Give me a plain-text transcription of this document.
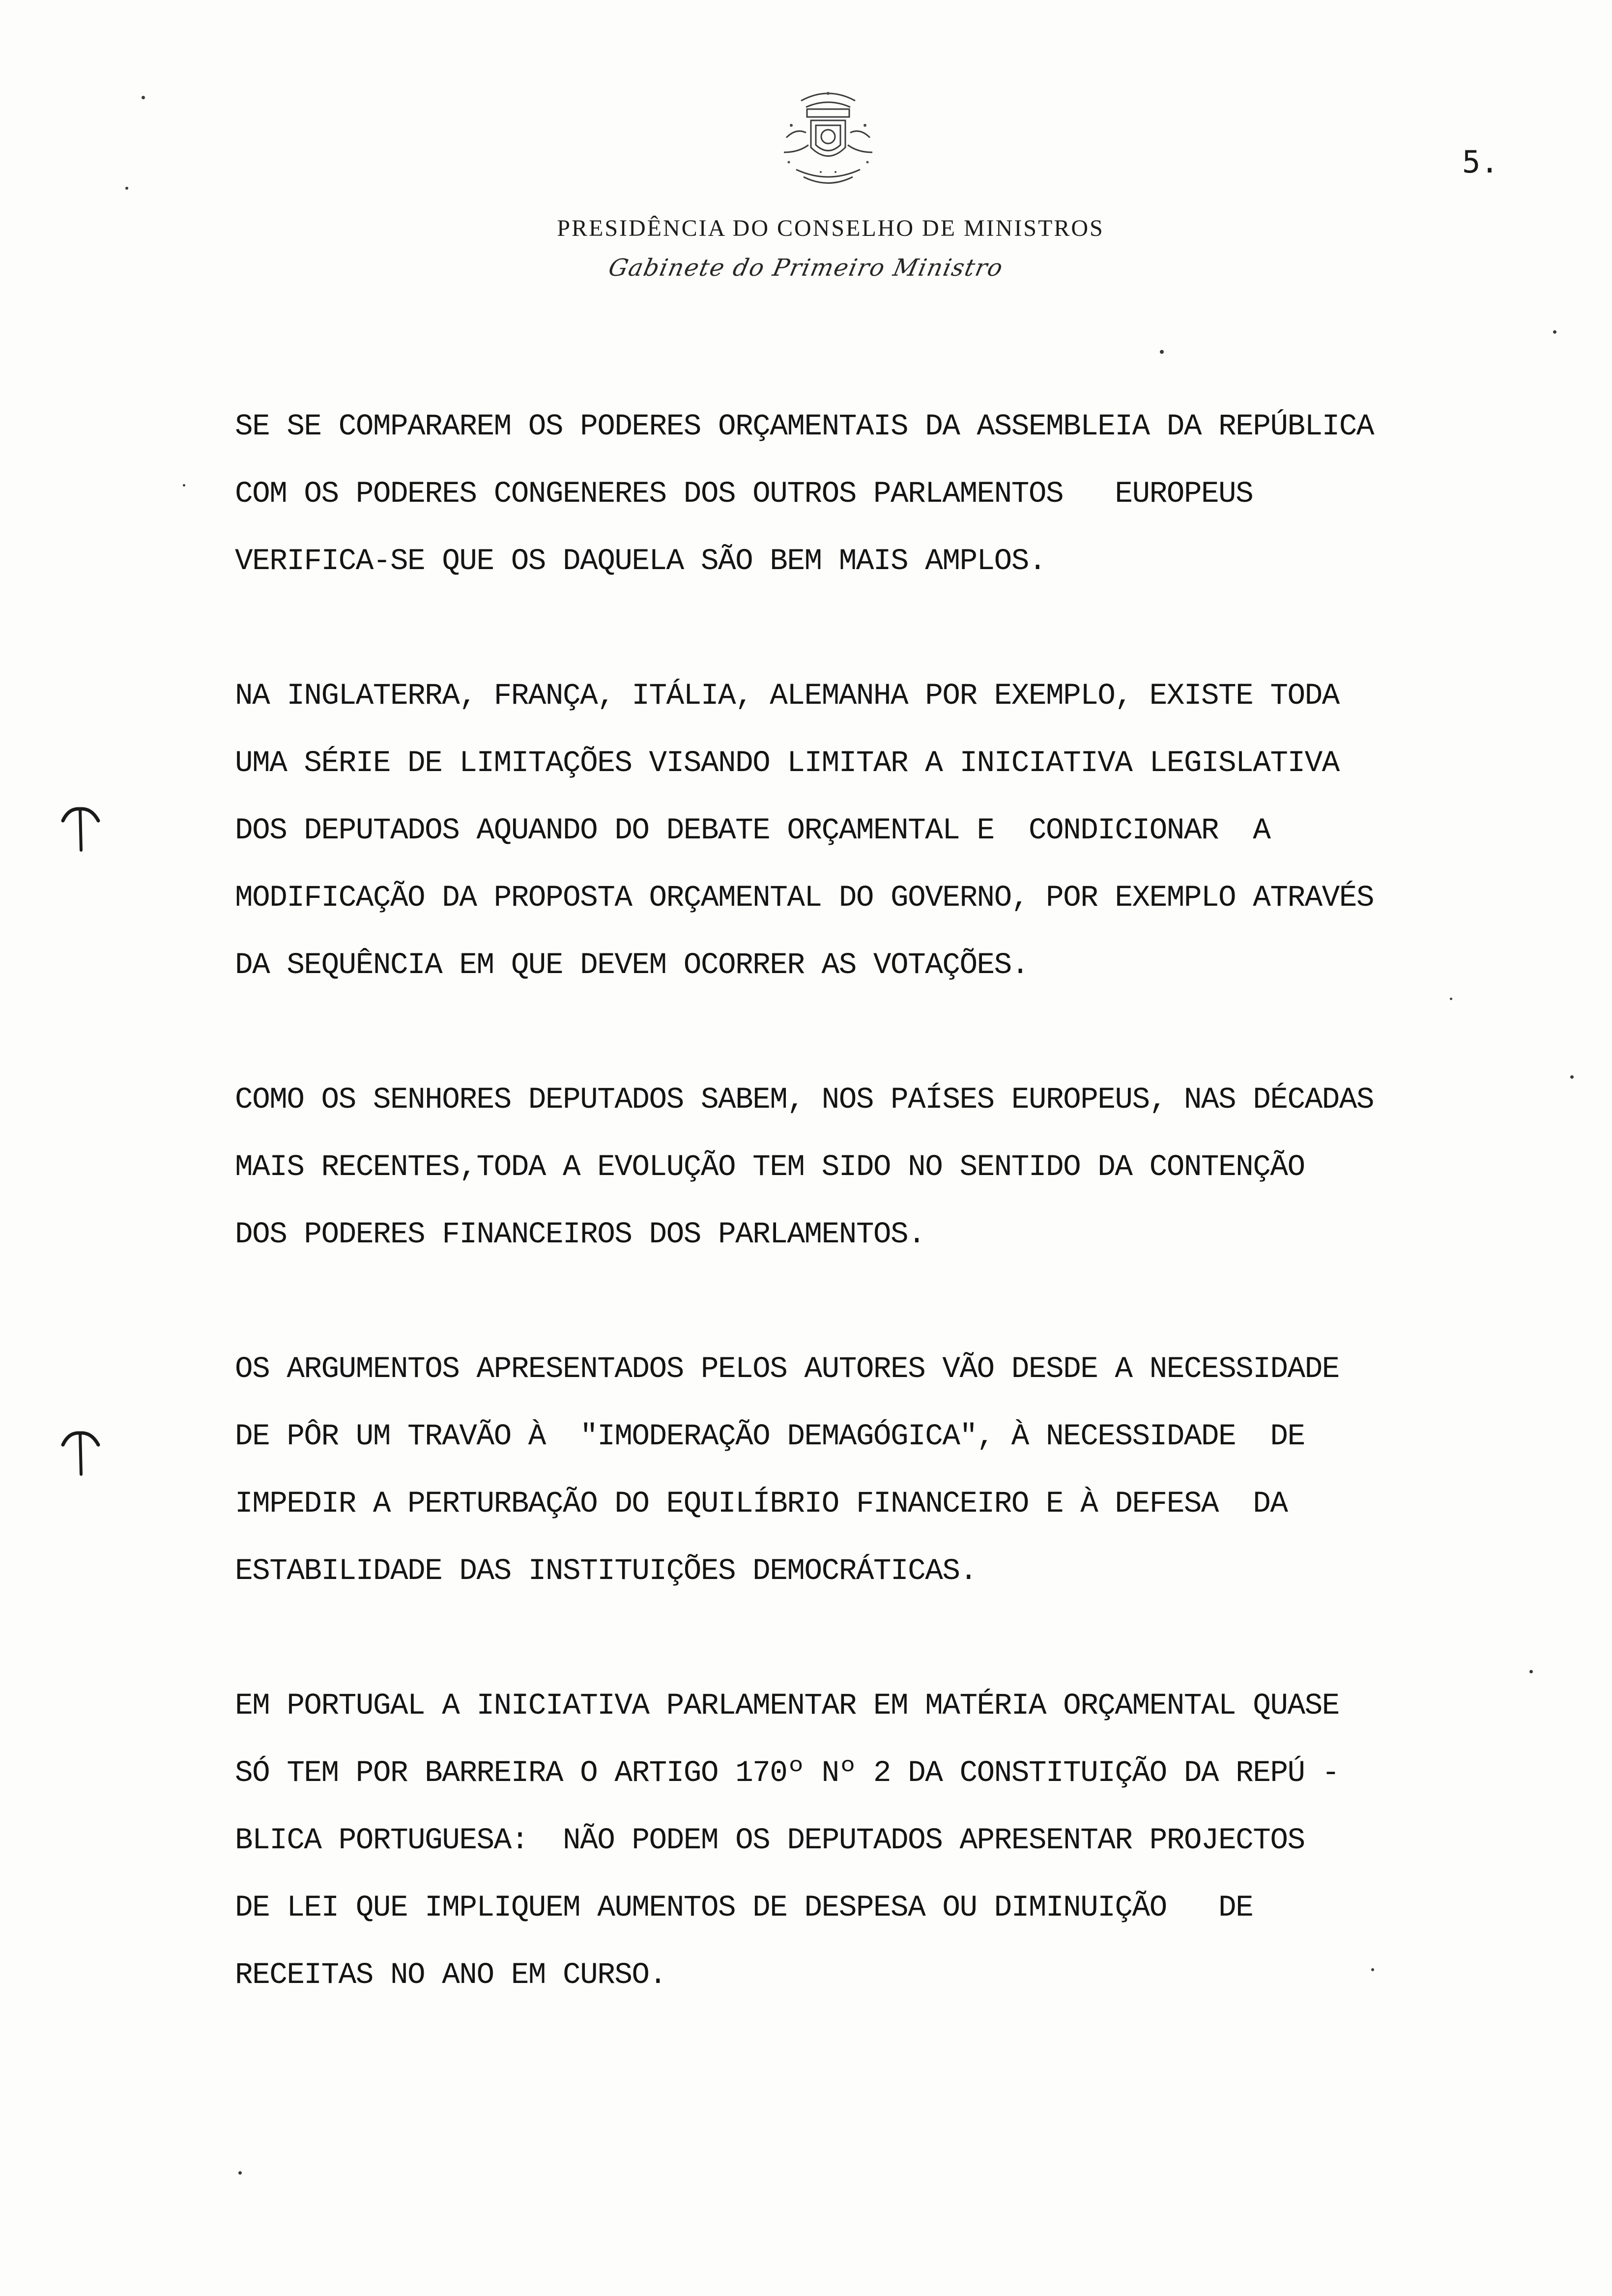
5.
PRESIDÊNCIA DO CONSELHO DE MINISTROS
Gabinete do Primeiro Ministro
SE SE COMPARAREM OS PODERES ORÇAMENTAIS DA ASSEMBLEIA DA REPÚBLICA
COM OS PODERES CONGENERES DOS OUTROS PARLAMENTOS   EUROPEUS
VERIFICA-SE QUE OS DAQUELA SÃO BEM MAIS AMPLOS.
NA INGLATERRA, FRANÇA, ITÁLIA, ALEMANHA POR EXEMPLO, EXISTE TODA
UMA SÉRIE DE LIMITAÇÕES VISANDO LIMITAR A INICIATIVA LEGISLATIVA
DOS DEPUTADOS AQUANDO DO DEBATE ORÇAMENTAL E  CONDICIONAR  A
MODIFICAÇÃO DA PROPOSTA ORÇAMENTAL DO GOVERNO, POR EXEMPLO ATRAVÉS
DA SEQUÊNCIA EM QUE DEVEM OCORRER AS VOTAÇÕES.
COMO OS SENHORES DEPUTADOS SABEM, NOS PAÍSES EUROPEUS, NAS DÉCADAS
MAIS RECENTES,TODA A EVOLUÇÃO TEM SIDO NO SENTIDO DA CONTENÇÃO
DOS PODERES FINANCEIROS DOS PARLAMENTOS.
OS ARGUMENTOS APRESENTADOS PELOS AUTORES VÃO DESDE A NECESSIDADE
DE PÔR UM TRAVÃO À  "IMODERAÇÃO DEMAGÓGICA", À NECESSIDADE  DE
IMPEDIR A PERTURBAÇÃO DO EQUILÍBRIO FINANCEIRO E À DEFESA  DA
ESTABILIDADE DAS INSTITUIÇÕES DEMOCRÁTICAS.
EM PORTUGAL A INICIATIVA PARLAMENTAR EM MATÉRIA ORÇAMENTAL QUASE
SÓ TEM POR BARREIRA O ARTIGO 170º Nº 2 DA CONSTITUIÇÃO DA REPÚ -
BLICA PORTUGUESA:  NÃO PODEM OS DEPUTADOS APRESENTAR PROJECTOS
DE LEI QUE IMPLIQUEM AUMENTOS DE DESPESA OU DIMINUIÇÃO   DE
RECEITAS NO ANO EM CURSO.
